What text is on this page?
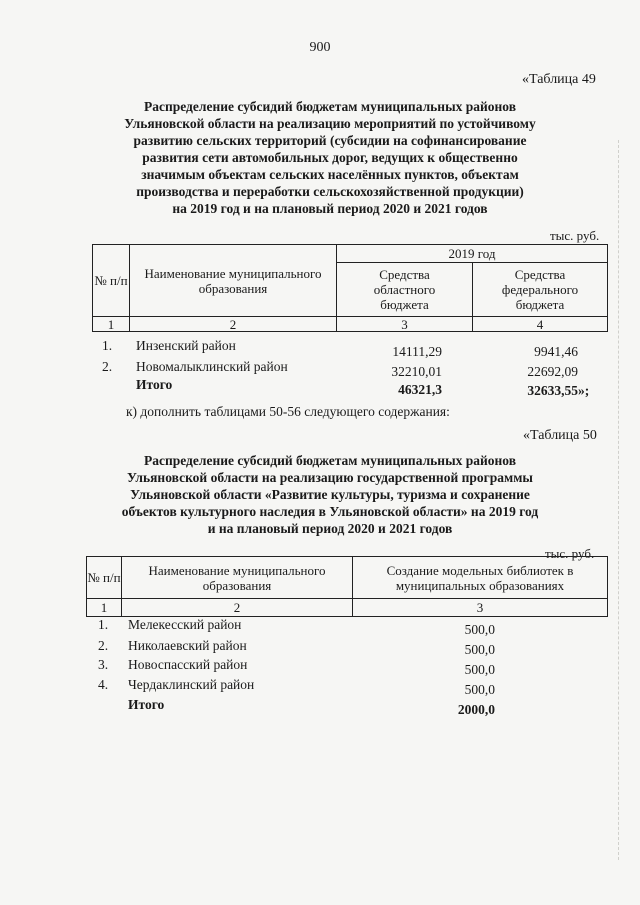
900
«Таблица 49
Распределение субсидий бюджетам муниципальных районов
Ульяновской области на реализацию мероприятий по устойчивому
развитию сельских территорий (субсидии на софинансирование
развития сети автомобильных дорог, ведущих к общественно
значимым объектам сельских населённых пунктов, объектам
производства и переработки сельскохозяйственной продукции)
на 2019 год и на плановый период 2020 и 2021 годов
тыс. руб.
№ п/п	Наименование муниципального образования
2019 год
Средства областного бюджета
Средства федерального бюджета
1	2	3	4
1. Инзенский район	14111,29	9941,46
2. Новомалыклинский район	32210,01	22692,09
Итого	46321,3	32633,55»;
к) дополнить таблицами 50-56 следующего содержания:
«Таблица 50
Распределение субсидий бюджетам муниципальных районов
Ульяновской области на реализацию государственной программы
Ульяновской области «Развитие культуры, туризма и сохранение
объектов культурного наследия в Ульяновской области» на 2019 год
и на плановый период 2020 и 2021 годов
тыс. руб.
№ п/п	Наименование муниципального образования
Создание модельных библиотек в муниципальных образованиях
1	2	3
1. Мелекесский район	500,0
2. Николаевский район	500,0
3. Новоспасский район	500,0
4. Чердаклинский район	500,0
Итого	2000,0
